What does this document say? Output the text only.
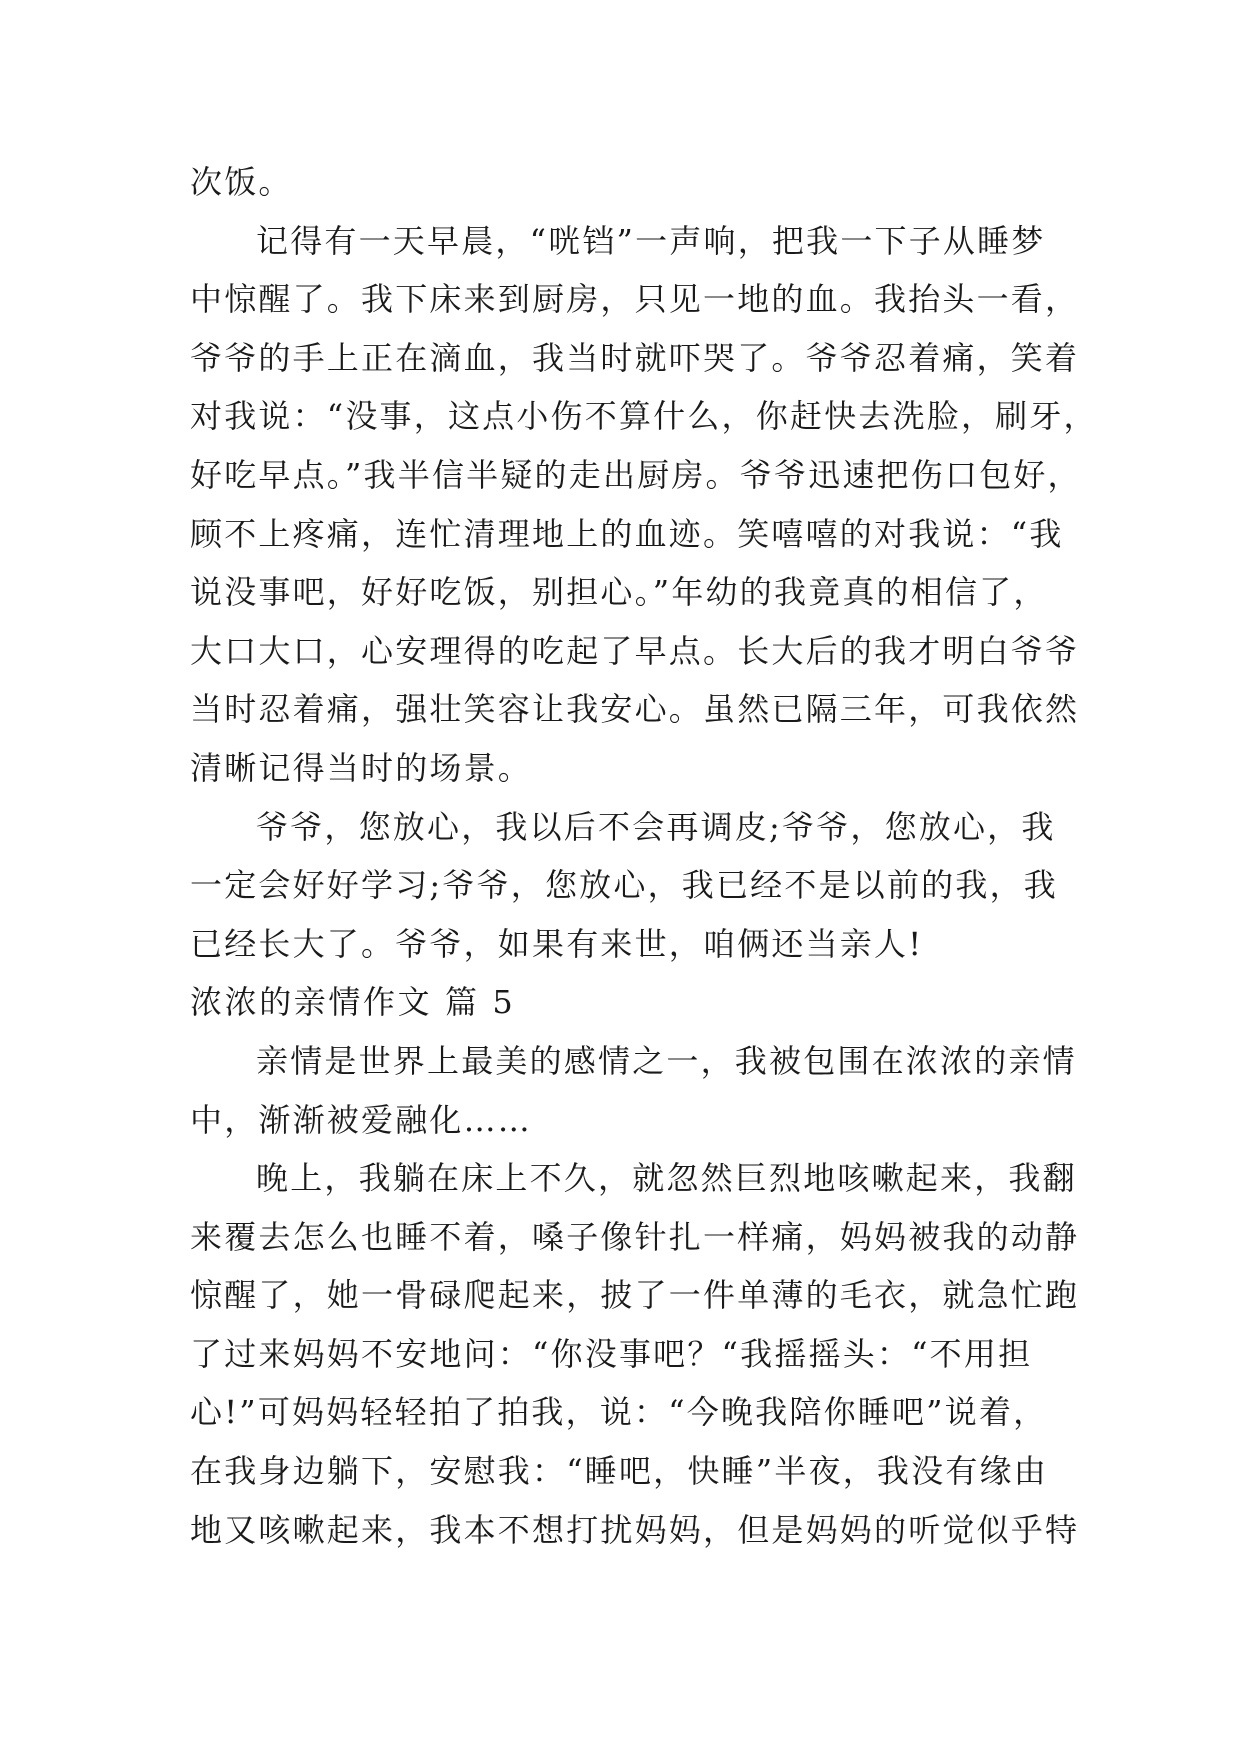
次饭。
记得有一天早晨，“咣铛”一声响，把我一下子从睡梦
中惊醒了。我下床来到厨房，只见一地的血。我抬头一看，
爷爷的手上正在滴血，我当时就吓哭了。爷爷忍着痛，笑着
对我说：“没事，这点小伤不算什么，你赶快去洗脸，刷牙，
好吃早点。”我半信半疑的走出厨房。爷爷迅速把伤口包好，
顾不上疼痛，连忙清理地上的血迹。笑嘻嘻的对我说：“我
说没事吧，好好吃饭，别担心。”年幼的我竟真的相信了，
大口大口，心安理得的吃起了早点。长大后的我才明白爷爷
当时忍着痛，强壮笑容让我安心。虽然已隔三年，可我依然
清晰记得当时的场景。
爷爷，您放心，我以后不会再调皮;爷爷，您放心，我
一定会好好学习;爷爷，您放心，我已经不是以前的我，我
已经长大了。爷爷，如果有来世，咱俩还当亲人!
浓浓的亲情作文 篇 5
亲情是世界上最美的感情之一，我被包围在浓浓的亲情
中，渐渐被爱融化……
晚上，我躺在床上不久，就忽然巨烈地咳嗽起来，我翻
来覆去怎么也睡不着，嗓子像针扎一样痛，妈妈被我的动静
惊醒了，她一骨碌爬起来，披了一件单薄的毛衣，就急忙跑
了过来妈妈不安地问：“你没事吧？“我摇摇头：“不用担
心!”可妈妈轻轻拍了拍我，说：“今晚我陪你睡吧”说着，
在我身边躺下，安慰我：“睡吧，快睡”半夜，我没有缘由
地又咳嗽起来，我本不想打扰妈妈，但是妈妈的听觉似乎特
